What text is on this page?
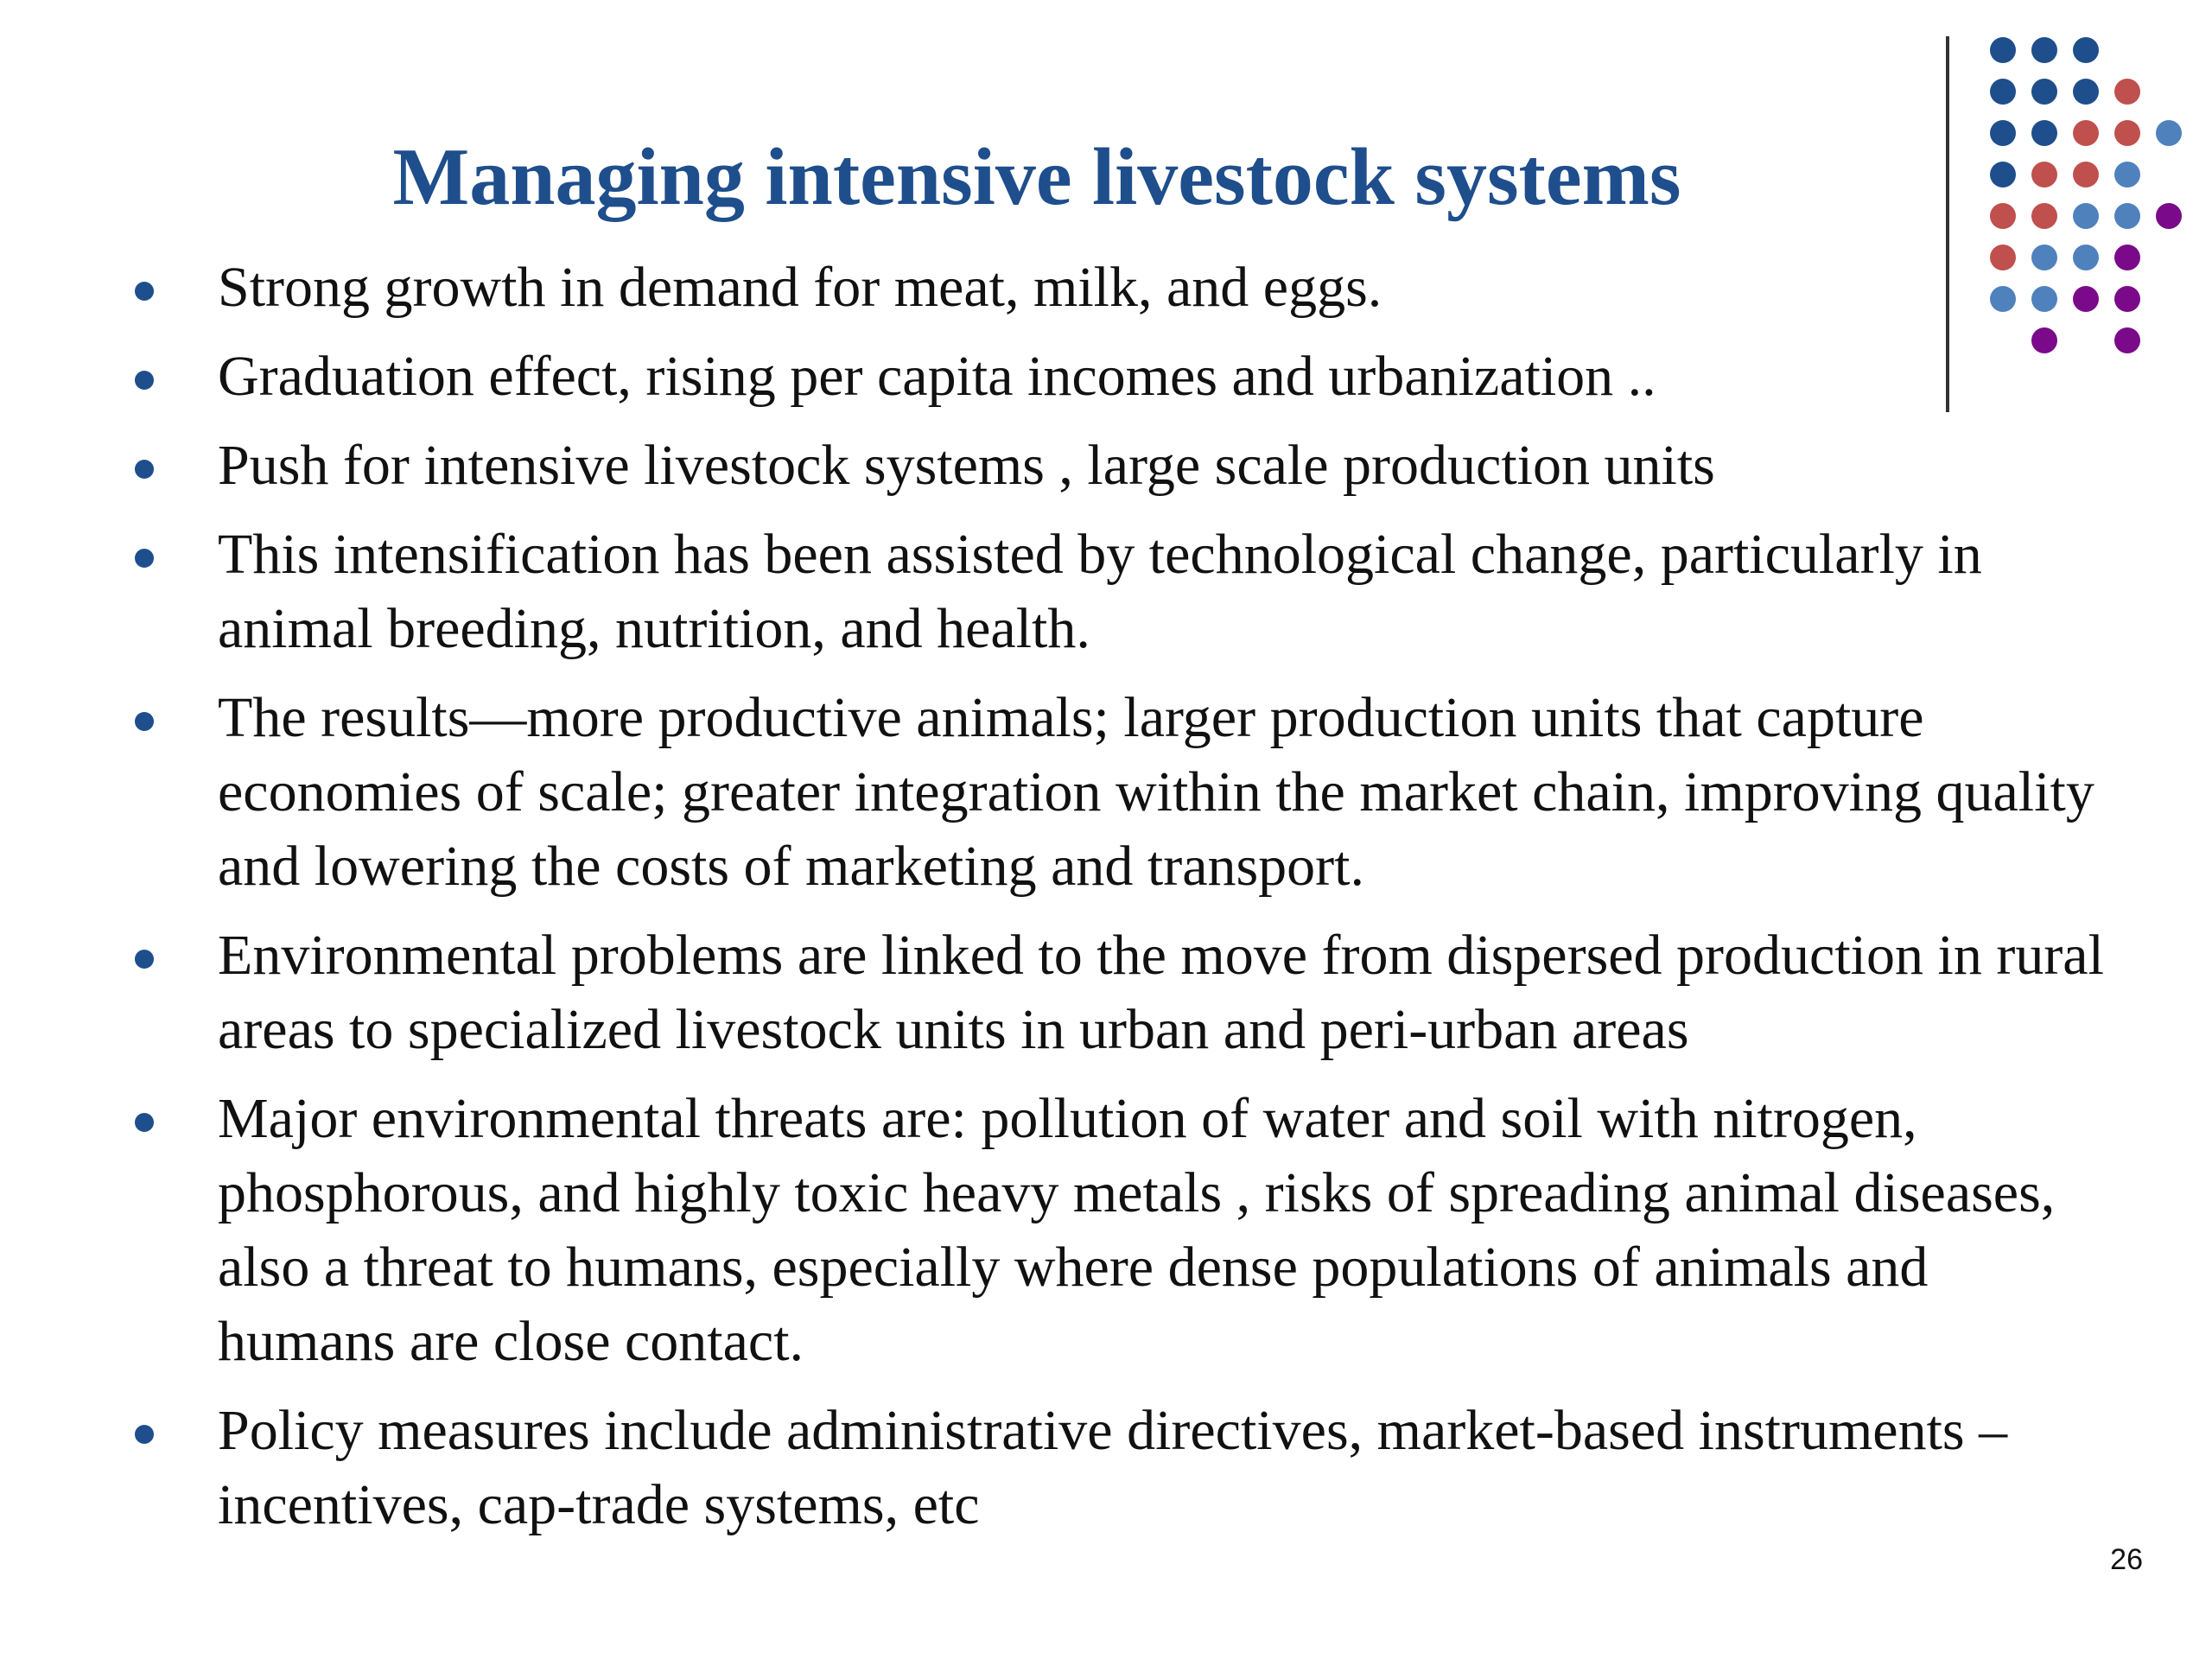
Managing intensive livestock systems
Strong growth in demand for meat, milk, and eggs.
Graduation effect, rising per capita incomes and urbanization ..
Push for intensive livestock systems , large scale production units
This intensification has been assisted by technological change, particularly in animal breeding, nutrition, and health.
The results—more productive animals; larger production units that capture economies of scale; greater integration within the market chain, improving quality and lowering the costs of marketing and transport.
Environmental problems are linked to the move from dispersed production in rural areas to specialized livestock units in urban and peri-urban areas
Major environmental threats are: pollution of water and soil with nitrogen, phosphorous, and highly toxic heavy metals , risks of spreading animal diseases, also a threat to humans, especially where dense populations of animals and humans are close contact.
Policy measures include administrative directives, market-based instruments –incentives, cap-trade systems, etc
26
